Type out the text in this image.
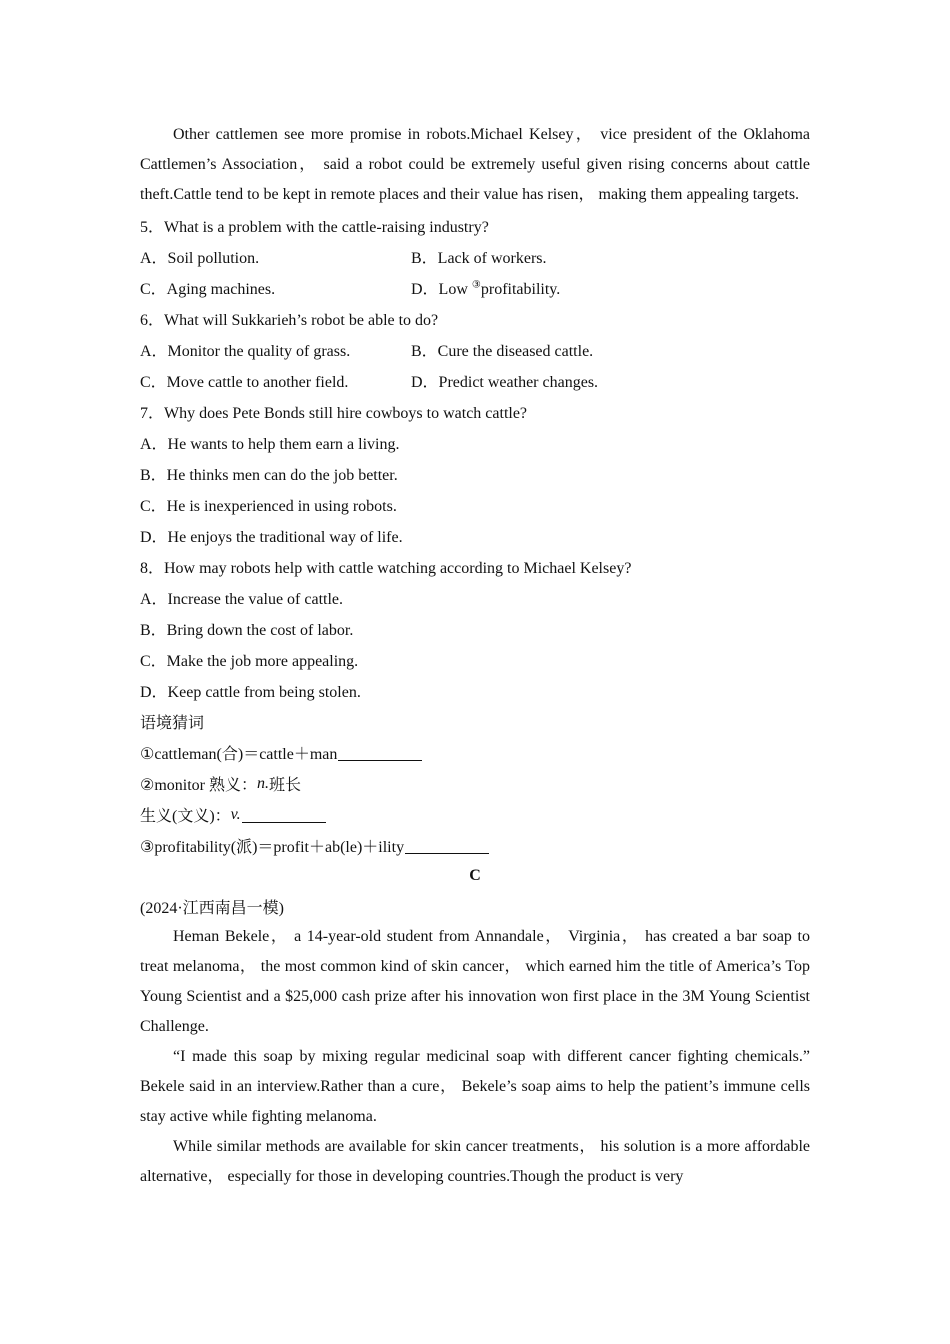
Other cattlemen see more promise in robots.Michael Kelsey， vice president of the Oklahoma Cattlemen’s Association， said a robot could be extremely useful given rising concerns about cattle theft.Cattle tend to be kept in remote places and their value has risen， making them appealing targets.

5．What is a problem with the cattle-raising industry?
A．Soil pollution.	B．Lack of workers.
C．Aging machines.	D．Low ③profitability.
6．What will Sukkarieh’s robot be able to do?
A．Monitor the quality of grass.	B．Cure the diseased cattle.
C．Move cattle to another field.	D．Predict weather changes.
7．Why does Pete Bonds still hire cowboys to watch cattle?
A．He wants to help them earn a living.
B．He thinks men can do the job better.
C．He is inexperienced in using robots.
D．He enjoys the traditional way of life.
8．How may robots help with cattle watching according to Michael Kelsey?
A．Increase the value of cattle.
B．Bring down the cost of labor.
C．Make the job more appealing.
D．Keep cattle from being stolen.
语境猜词
①cattleman(合)＝cattle＋man
②monitor 熟义： n. 班长
生义(文义)： v.
③profitability(派)＝profit＋ab(le)＋ility
C
(2024·江西南昌一模)

Heman Bekele， a 14-year-old student from Annandale， Virginia， has created a bar soap to treat melanoma， the most common kind of skin cancer， which earned him the title of America’s Top Young Scientist and a $25,000 cash prize after his innovation won first place in the 3M Young Scientist Challenge.

“I made this soap by mixing regular medicinal soap with different cancer fighting chemicals.” Bekele said in an interview.Rather than a cure， Bekele’s soap aims to help the patient’s immune cells stay active while fighting melanoma.

While similar methods are available for skin cancer treatments， his solution is a more affordable alternative， especially for those in developing countries.Though the product is very
